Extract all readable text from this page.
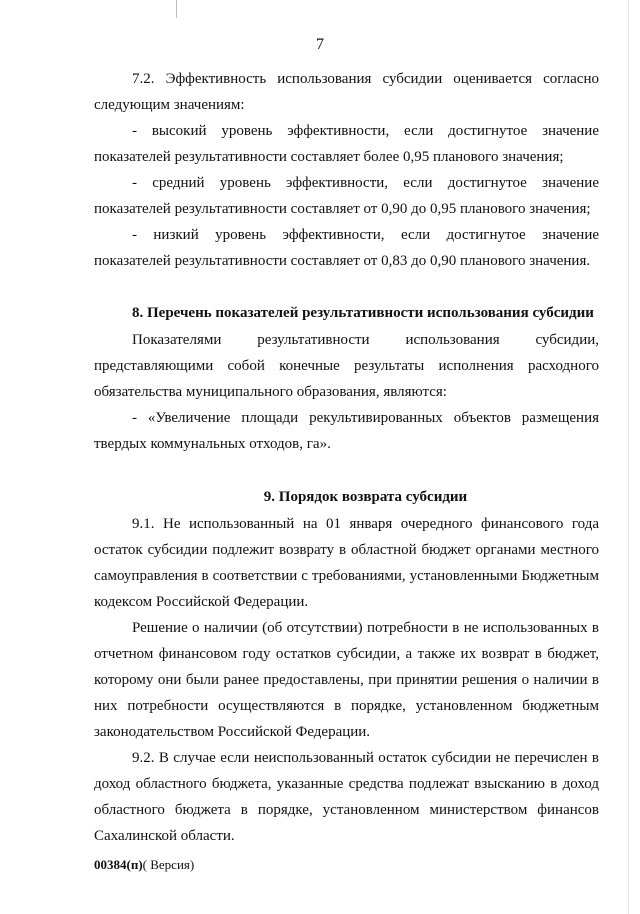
7
7.2. Эффективность использования субсидии оценивается согласно следующим значениям:
- высокий уровень эффективности, если достигнутое значение показателей результативности составляет более 0,95 планового значения;
- средний уровень эффективности, если достигнутое значение показателей результативности составляет от 0,90 до 0,95 планового значения;
- низкий уровень эффективности, если достигнутое значение показателей результативности составляет от 0,83 до 0,90 планового значения.
8. Перечень показателей результативности использования субсидии
Показателями результативности использования субсидии, представляющими собой конечные результаты исполнения расходного обязательства муниципального образования, являются:
- «Увеличение площади рекультивированных объектов размещения твердых коммунальных отходов, га».
9. Порядок возврата субсидии
9.1. Не использованный на 01 января очередного финансового года остаток субсидии подлежит возврату в областной бюджет органами местного самоуправления в соответствии с требованиями, установленными Бюджетным кодексом Российской Федерации.
Решение о наличии (об отсутствии) потребности в не использованных в отчетном финансовом году остатков субсидии, а также их возврат в бюджет, которому они были ранее предоставлены, при принятии решения о наличии в них потребности осуществляются в порядке, установленном бюджетным законодательством Российской Федерации.
9.2. В случае если неиспользованный остаток субсидии не перечислен в доход областного бюджета, указанные средства подлежат взысканию в доход областного бюджета в порядке, установленном министерством финансов Сахалинской области.
00384(п)( Версия)
